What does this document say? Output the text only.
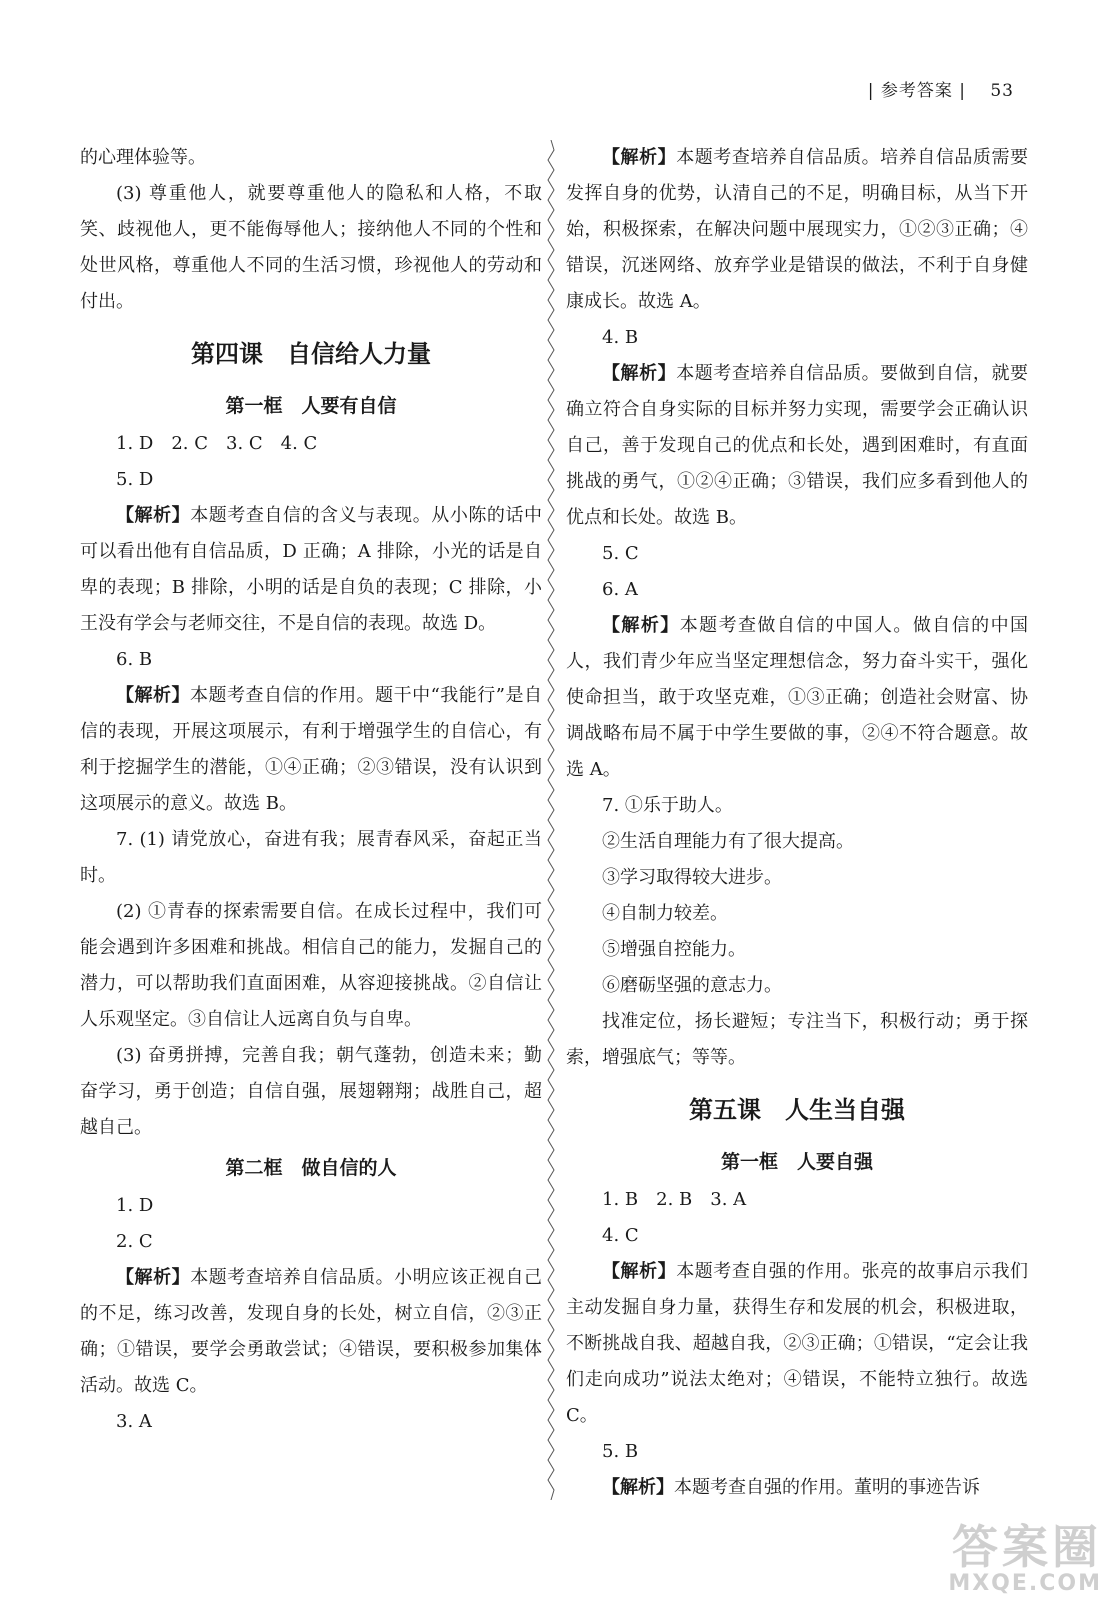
| 参考答案 | 53

的心理体验等。

(3) 尊重他人，就要尊重他人的隐私和人格，不取笑、歧视他人，更不能侮辱他人；接纳他人不同的个性和处世风格，尊重他人不同的生活习惯，珍视他人的劳动和付出。

第四课　自信给人力量
第一框　人要有自信
1. D　2. C　3. C　4. C
5. D

【解析】本题考查自信的含义与表现。从小陈的话中可以看出他有自信品质，D 正确；A 排除，小光的话是自卑的表现；B 排除，小明的话是自负的表现；C 排除，小王没有学会与老师交往，不是自信的表现。故选 D。

6. B

【解析】本题考查自信的作用。题干中“我能行”是自信的表现，开展这项展示，有利于增强学生的自信心，有利于挖掘学生的潜能，①④正确；②③错误，没有认识到这项展示的意义。故选 B。

7. (1) 请党放心，奋进有我；展青春风采，奋起正当时。

(2) ①青春的探索需要自信。在成长过程中，我们可能会遇到许多困难和挑战。相信自己的能力，发掘自己的潜力，可以帮助我们直面困难，从容迎接挑战。②自信让人乐观坚定。③自信让人远离自负与自卑。

(3) 奋勇拼搏，完善自我；朝气蓬勃，创造未来；勤奋学习，勇于创造；自信自强，展翅翱翔；战胜自己，超越自己。

第二框　做自信的人
1. D
2. C

【解析】本题考查培养自信品质。小明应该正视自己的不足，练习改善，发现自身的长处，树立自信，②③正确；①错误，要学会勇敢尝试；④错误，要积极参加集体活动。故选 C。

3. A

【解析】本题考查培养自信品质。培养自信品质需要发挥自身的优势，认清自己的不足，明确目标，从当下开始，积极探索，在解决问题中展现实力，①②③正确；④错误，沉迷网络、放弃学业是错误的做法，不利于自身健康成长。故选 A。

4. B

【解析】本题考查培养自信品质。要做到自信，就要确立符合自身实际的目标并努力实现，需要学会正确认识自己，善于发现自己的优点和长处，遇到困难时，有直面挑战的勇气，①②④正确；③错误，我们应多看到他人的优点和长处。故选 B。

5. C
6. A

【解析】本题考查做自信的中国人。做自信的中国人，我们青少年应当坚定理想信念，努力奋斗实干，强化使命担当，敢于攻坚克难，①③正确；创造社会财富、协调战略布局不属于中学生要做的事，②④不符合题意。故选 A。

7. ①乐于助人。
②生活自理能力有了很大提高。
③学习取得较大进步。
④自制力较差。
⑤增强自控能力。
⑥磨砺坚强的意志力。

找准定位，扬长避短；专注当下，积极行动；勇于探索，增强底气；等等。

第五课　人生当自强
第一框　人要自强
1. B　2. B　3. A
4. C

【解析】本题考查自强的作用。张亮的故事启示我们主动发掘自身力量，获得生存和发展的机会，积极进取，不断挑战自我、超越自我，②③正确；①错误，“定会让我们走向成功”说法太绝对；④错误，不能特立独行。故选 C。

5. B

【解析】本题考查自强的作用。董明的事迹告诉

答案圈
MXQE.COM
